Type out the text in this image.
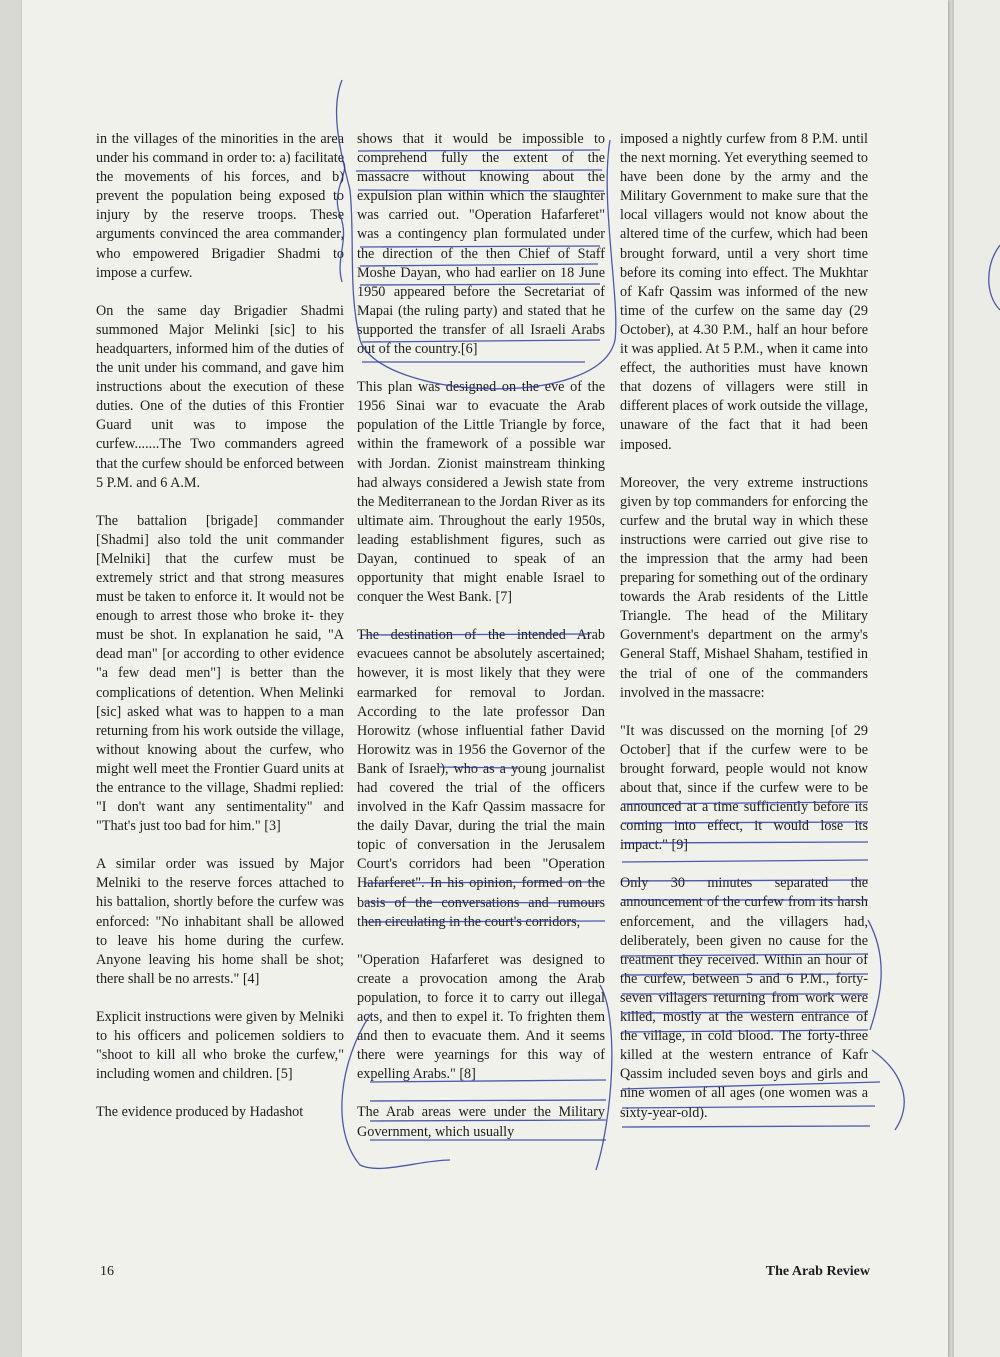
in the villages of the minorities in the area under his command in order to: a) facilitate the movements of his forces, and b) prevent the population being exposed to injury by the reserve troops. These arguments convinced the area commander, who empowered Brigadier Shadmi to impose a curfew.

On the same day Brigadier Shadmi summoned Major Melinki [sic] to his headquarters, informed him of the duties of the unit under his command, and gave him instructions about the execution of these duties. One of the duties of this Frontier Guard unit was to impose the curfew.......The Two commanders agreed that the curfew should be enforced between 5 P.M. and 6 A.M.

The battalion [brigade] commander [Shadmi] also told the unit commander [Melniki] that the curfew must be extremely strict and that strong measures must be taken to enforce it. It would not be enough to arrest those who broke it- they must be shot. In explanation he said, "A dead man" [or according to other evidence "a few dead men"] is better than the complications of detention. When Melinki [sic] asked what was to happen to a man returning from his work outside the village, without knowing about the curfew, who might well meet the Frontier Guard units at the entrance to the village, Shadmi replied: "I don't want any sentimentality" and "That's just too bad for him." [3]

A similar order was issued by Major Melniki to the reserve forces attached to his battalion, shortly before the curfew was enforced: "No inhabitant shall be allowed to leave his home during the curfew. Anyone leaving his home shall be shot; there shall be no arrests." [4]

Explicit instructions were given by Melniki to his officers and policemen soldiers to "shoot to kill all who broke the curfew," including women and children. [5]

The evidence produced by Hadashot

shows that it would be impossible to comprehend fully the extent of the massacre without knowing about the expulsion plan within which the slaughter was carried out. "Operation Hafarferet" was a contingency plan formulated under the direction of the then Chief of Staff Moshe Dayan, who had earlier on 18 June 1950 appeared before the Secretariat of Mapai (the ruling party) and stated that he supported the transfer of all Israeli Arabs out of the country.[6]

This plan was designed on the eve of the 1956 Sinai war to evacuate the Arab population of the Little Triangle by force, within the framework of a possible war with Jordan. Zionist mainstream thinking had always considered a Jewish state from the Mediterranean to the Jordan River as its ultimate aim. Throughout the early 1950s, leading establishment figures, such as Dayan, continued to speak of an opportunity that might enable Israel to conquer the West Bank. [7]

The destination of the intended Arab evacuees cannot be absolutely ascertained; however, it is most likely that they were earmarked for removal to Jordan. According to the late professor Dan Horowitz (whose influential father David Horowitz was in 1956 the Governor of the Bank of Israel), who as a young journalist had covered the trial of the officers involved in the Kafr Qassim massacre for the daily Davar, during the trial the main topic of conversation in the Jerusalem Court's corridors had been "Operation Hafarferet". In his opinion, formed on the basis of the conversations and rumours then circulating in the court's corridors,

"Operation Hafarferet was designed to create a provocation among the Arab population, to force it to carry out illegal acts, and then to expel it. To frighten them and then to evacuate them. And it seems there were yearnings for this way of expelling Arabs." [8]

The Arab areas were under the Military Government, which usually

imposed a nightly curfew from 8 P.M. until the next morning. Yet everything seemed to have been done by the army and the Military Government to make sure that the local villagers would not know about the altered time of the curfew, which had been brought forward, until a very short time before its coming into effect. The Mukhtar of Kafr Qassim was informed of the new time of the curfew on the same day (29 October), at 4.30 P.M., half an hour before it was applied. At 5 P.M., when it came into effect, the authorities must have known that dozens of villagers were still in different places of work outside the village, unaware of the fact that it had been imposed.

Moreover, the very extreme instructions given by top commanders for enforcing the curfew and the brutal way in which these instructions were carried out give rise to the impression that the army had been preparing for something out of the ordinary towards the Arab residents of the Little Triangle. The head of the Military Government's department on the army's General Staff, Mishael Shaham, testified in the trial of one of the commanders involved in the massacre:

"It was discussed on the morning [of 29 October] that if the curfew were to be brought forward, people would not know about that, since if the curfew were to be announced at a time sufficiently before its coming into effect, it would lose its impact." [9]

Only 30 minutes separated the announcement of the curfew from its harsh enforcement, and the villagers had, deliberately, been given no cause for the treatment they received. Within an hour of the curfew, between 5 and 6 P.M., forty-seven villagers returning from work were killed, mostly at the western entrance of the village, in cold blood. The forty-three killed at the western entrance of Kafr Qassim included seven boys and girls and nine women of all ages (one women was a sixty-year-old).

16	The Arab Review
